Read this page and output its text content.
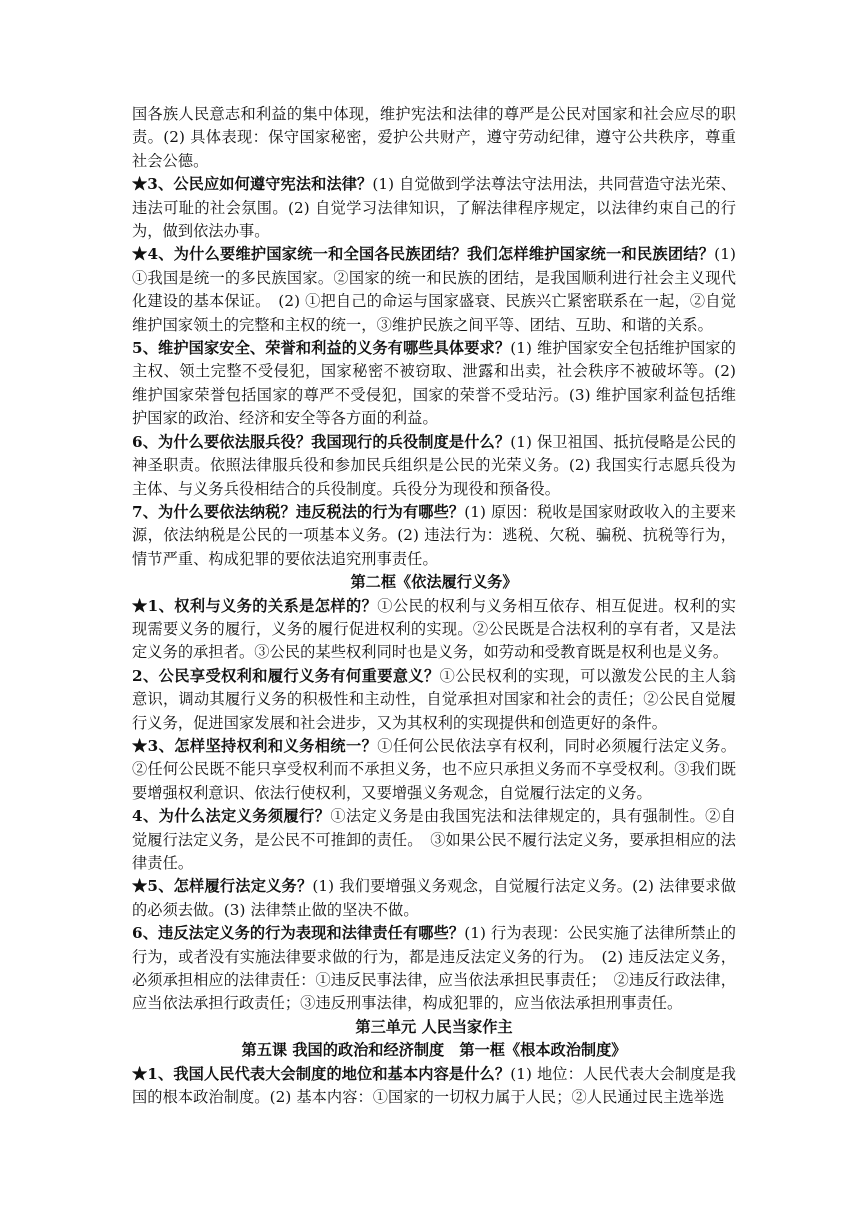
国各族人民意志和利益的集中体现，维护宪法和法律的尊严是公民对国家和社会应尽的职责。(2) 具体表现：保守国家秘密，爱护公共财产，遵守劳动纪律，遵守公共秩序，尊重社会公德。

★3、公民应如何遵守宪法和法律？(1) 自觉做到学法尊法守法用法，共同营造守法光荣、违法可耻的社会氛围。(2) 自觉学习法律知识，了解法律程序规定，以法律约束自己的行为，做到依法办事。

★4、为什么要维护国家统一和全国各民族团结？我们怎样维护国家统一和民族团结？(1) ①我国是统一的多民族国家。②国家的统一和民族的团结，是我国顺利进行社会主义现代化建设的基本保证。　(2) ①把自己的命运与国家盛衰、民族兴亡紧密联系在一起，②自觉维护国家领土的完整和主权的统一，③维护民族之间平等、团结、互助、和谐的关系。

5、维护国家安全、荣誉和利益的义务有哪些具体要求？(1) 维护国家安全包括维护国家的主权、领土完整不受侵犯，国家秘密不被窃取、泄露和出卖，社会秩序不被破坏等。(2) 维护国家荣誉包括国家的尊严不受侵犯，国家的荣誉不受玷污。(3) 维护国家利益包括维护国家的政治、经济和安全等各方面的利益。

6、为什么要依法服兵役？我国现行的兵役制度是什么？(1) 保卫祖国、抵抗侵略是公民的神圣职责。依照法律服兵役和参加民兵组织是公民的光荣义务。(2) 我国实行志愿兵役为主体、与义务兵役相结合的兵役制度。兵役分为现役和预备役。

7、为什么要依法纳税？违反税法的行为有哪些？(1) 原因：税收是国家财政收入的主要来源，依法纳税是公民的一项基本义务。(2) 违法行为：逃税、欠税、骗税、抗税等行为，情节严重、构成犯罪的要依法追究刑事责任。

第二框《依法履行义务》

★1、权利与义务的关系是怎样的？①公民的权利与义务相互依存、相互促进。权利的实现需要义务的履行，义务的履行促进权利的实现。②公民既是合法权利的享有者，又是法定义务的承担者。③公民的某些权利同时也是义务，如劳动和受教育既是权利也是义务。

2、公民享受权利和履行义务有何重要意义？①公民权利的实现，可以激发公民的主人翁意识，调动其履行义务的积极性和主动性，自觉承担对国家和社会的责任；②公民自觉履行义务，促进国家发展和社会进步，又为其权利的实现提供和创造更好的条件。

★3、怎样坚持权利和义务相统一？①任何公民依法享有权利，同时必须履行法定义务。②任何公民既不能只享受权利而不承担义务，也不应只承担义务而不享受权利。③我们既要增强权利意识、依法行使权利，又要增强义务观念，自觉履行法定的义务。

4、为什么法定义务须履行？①法定义务是由我国宪法和法律规定的，具有强制性。②自觉履行法定义务，是公民不可推卸的责任。　③如果公民不履行法定义务，要承担相应的法律责任。

★5、怎样履行法定义务？(1) 我们要增强义务观念，自觉履行法定义务。(2) 法律要求做的必须去做。(3) 法律禁止做的坚决不做。

6、违反法定义务的行为表现和法律责任有哪些？(1) 行为表现：公民实施了法律所禁止的行为，或者没有实施法律要求做的行为，都是违反法定义务的行为。　(2) 违反法定义务，必须承担相应的法律责任：①违反民事法律，应当依法承担民事责任；　②违反行政法律，应当依法承担行政责任；③违反刑事法律，构成犯罪的，应当依法承担刑事责任。

第三单元 人民当家作主

第五课 我国的政治和经济制度　第一框《根本政治制度》

★1、我国人民代表大会制度的地位和基本内容是什么？(1) 地位：人民代表大会制度是我国的根本政治制度。(2) 基本内容：①国家的一切权力属于人民；②人民通过民主选举选
